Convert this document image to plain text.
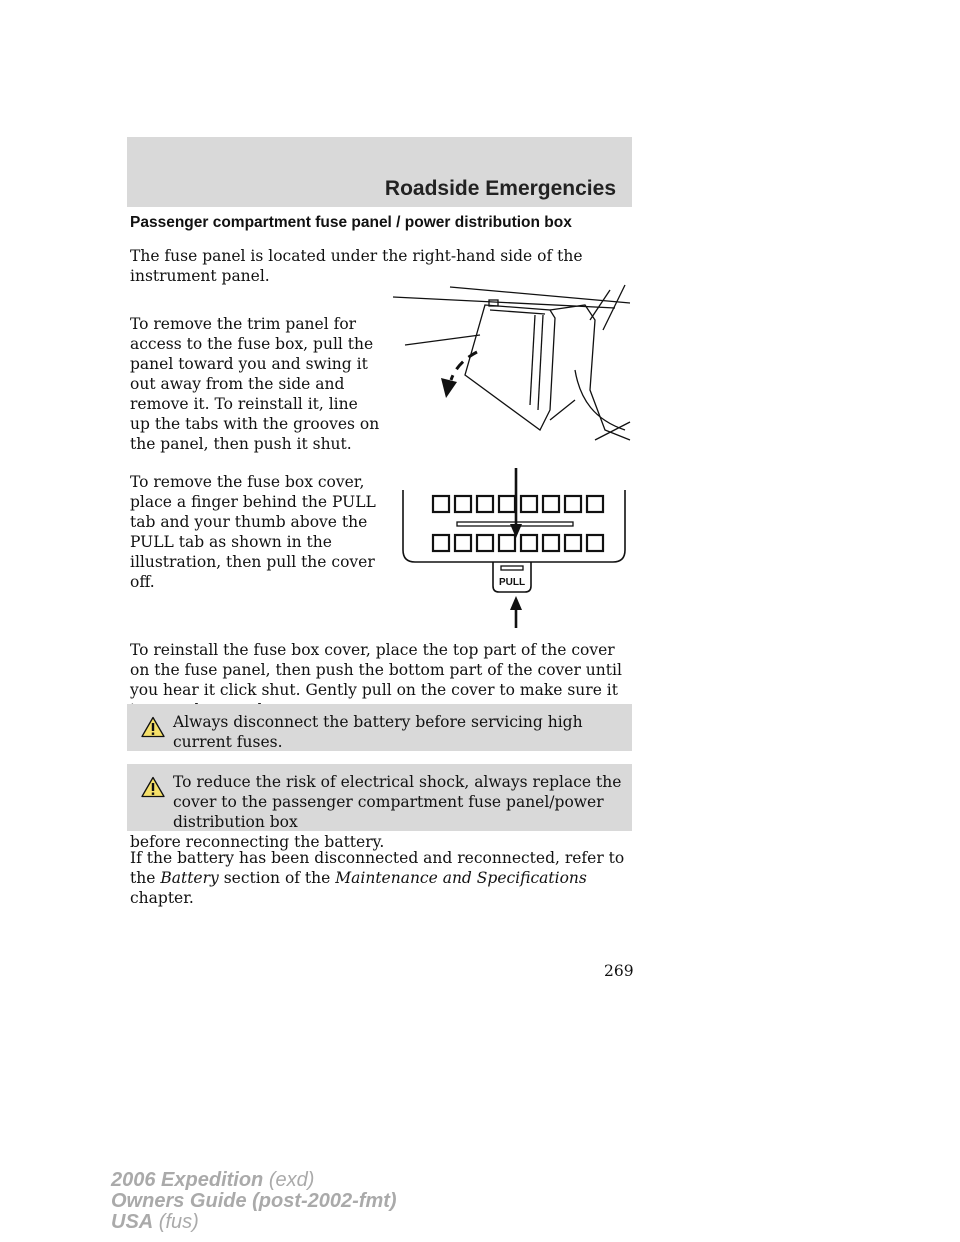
Roadside Emergencies
Passenger compartment fuse panel / power distribution box
The fuse panel is located under the right-hand side of the instrument panel.
To remove the trim panel for access to the fuse box, pull the panel toward you and swing it out away from the side and remove it. To reinstall it, line up the tabs with the grooves on the panel, then push it shut.
To remove the fuse box cover, place a finger behind the PULL tab and your thumb above the PULL tab as shown in the illustration, then pull the cover off.	PULL
To reinstall the fuse box cover, place the top part of the cover on the fuse panel, then push the bottom part of the cover until you hear it click shut. Gently pull on the cover to make sure it
Always disconnect the battery before servicing high current fuses.
To reduce the risk of electrical shock, always replace the cover to the passenger compartment fuse panel/power distribution box
before reconnecting the battery.
If the battery has been disconnected and reconnected, refer to the Battery section of the Maintenance and Specifications chapter.
269
2006 Expedition (exd)
Owners Guide (post-2002-fmt)
USA (fus)
